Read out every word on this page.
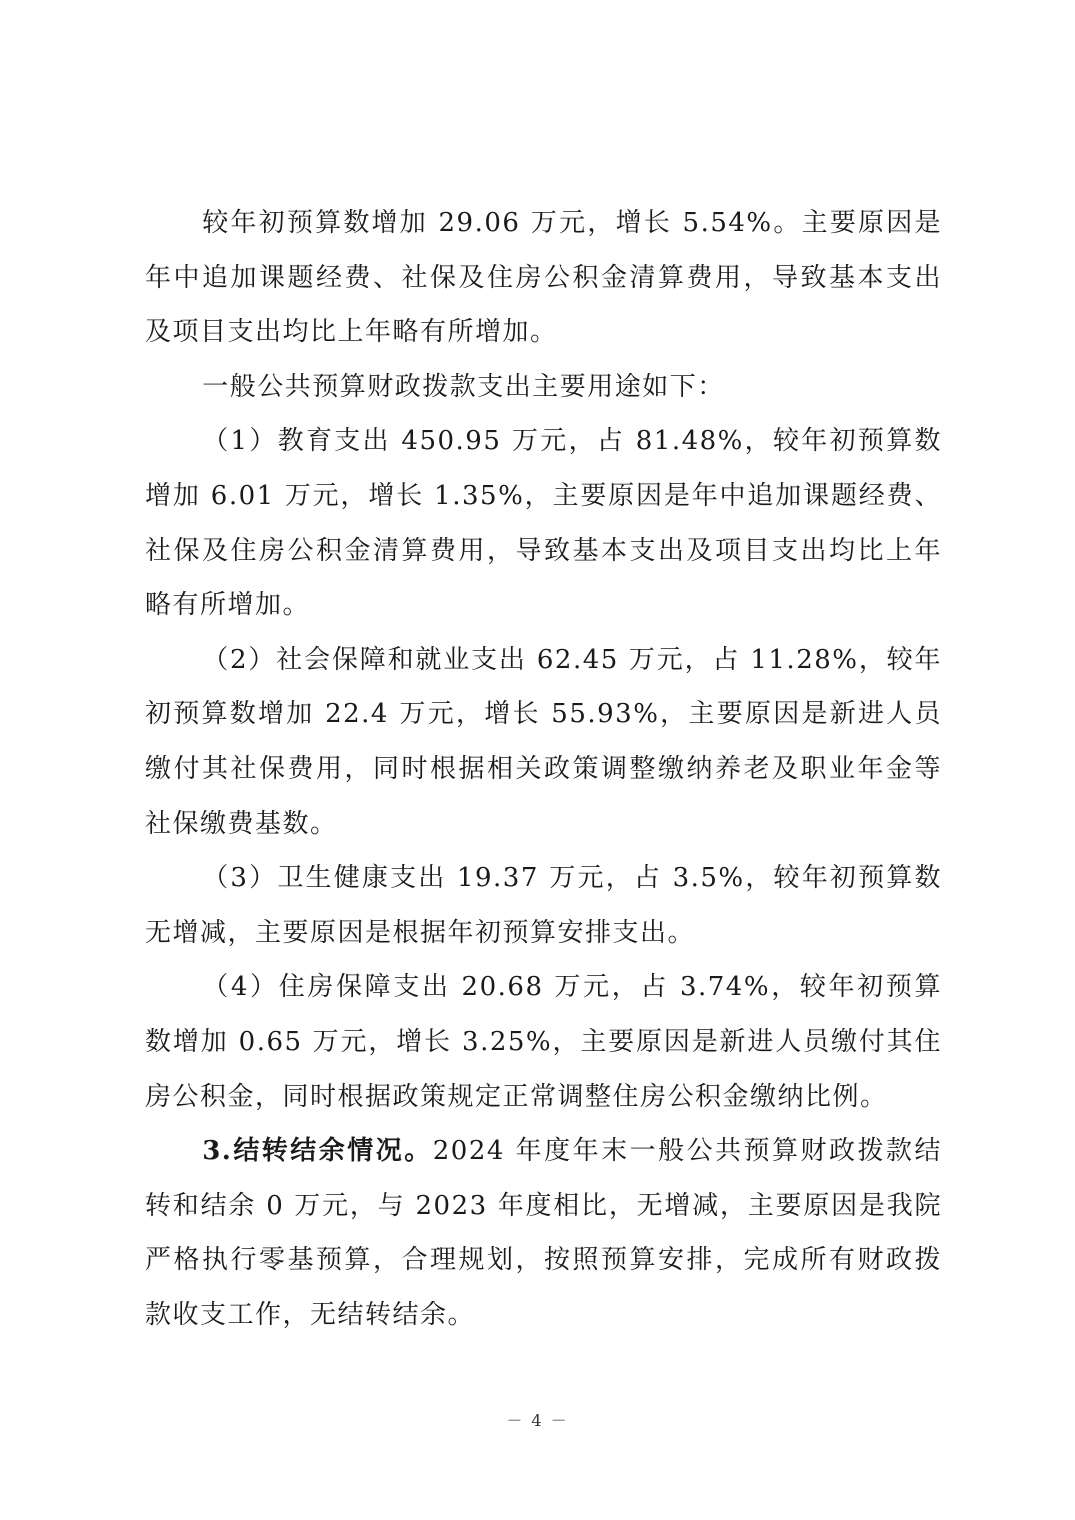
较年初预算数增加 29.06 万元，增长 5.54%。主要原因是年中追加课题经费、社保及住房公积金清算费用，导致基本支出及项目支出均比上年略有所增加。

一般公共预算财政拨款支出主要用途如下：

（1）教育支出 450.95 万元，占 81.48%，较年初预算数增加 6.01 万元，增长 1.35%，主要原因是年中追加课题经费、社保及住房公积金清算费用，导致基本支出及项目支出均比上年略有所增加。

（2）社会保障和就业支出 62.45 万元，占 11.28%，较年初预算数增加 22.4 万元，增长 55.93%，主要原因是新进人员缴付其社保费用，同时根据相关政策调整缴纳养老及职业年金等社保缴费基数。

（3）卫生健康支出 19.37 万元，占 3.5%，较年初预算数无增减，主要原因是根据年初预算安排支出。

（4）住房保障支出 20.68 万元，占 3.74%，较年初预算数增加 0.65 万元，增长 3.25%，主要原因是新进人员缴付其住房公积金，同时根据政策规定正常调整住房公积金缴纳比例。

3.结转结余情况。2024 年度年末一般公共预算财政拨款结转和结余 0 万元，与 2023 年度相比，无增减，主要原因是我院严格执行零基预算，合理规划，按照预算安排，完成所有财政拨款收支工作，无结转结余。

－ 4 －
